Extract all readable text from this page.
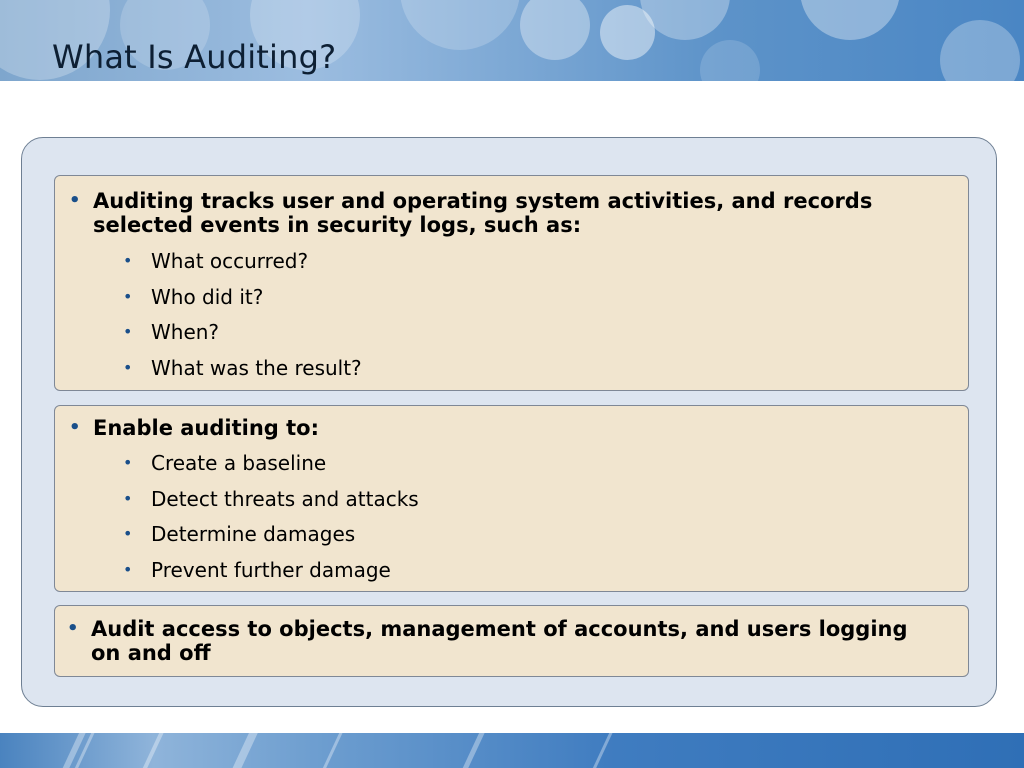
What Is Auditing?
• Auditing tracks user and operating system activities, and records selected events in security logs, such as:
• What occurred?
• Who did it?
• When?
• What was the result?
• Enable auditing to:
• Create a baseline
• Detect threats and attacks
• Determine damages
• Prevent further damage
• Audit access to objects, management of accounts, and users logging on and off
